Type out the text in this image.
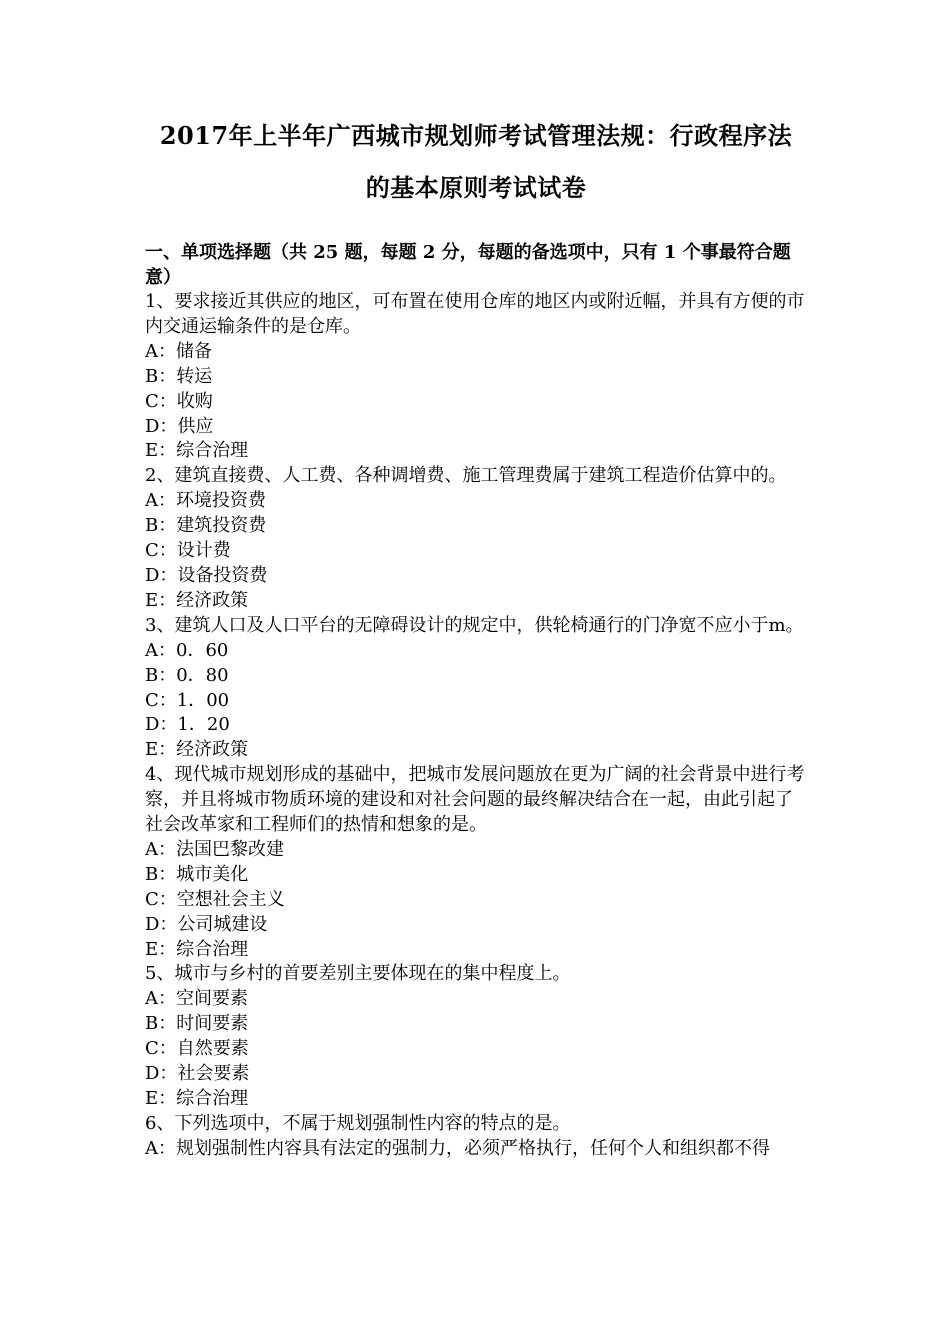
2017年上半年广西城市规划师考试管理法规：行政程序法
的基本原则考试试卷

一、单项选择题（共 25 题，每题 2 分，每题的备选项中，只有 1 个事最符合题意）

1、要求接近其供应的地区，可布置在使用仓库的地区内或附近幅，并具有方便的市内交通运输条件的是仓库。

A：储备

B：转运

C：收购

D：供应

E：综合治理

2、建筑直接费、人工费、各种调增费、施工管理费属于建筑工程造价估算中的。

A：环境投资费

B：建筑投资费

C：设计费

D：设备投资费

E：经济政策

3、建筑人口及人口平台的无障碍设计的规定中，供轮椅通行的门净宽不应小于m。

A：0．60

B：0．80

C：1．00

D：1．20

E：经济政策

4、现代城市规划形成的基础中，把城市发展问题放在更为广阔的社会背景中进行考察，并且将城市物质环境的建设和对社会问题的最终解决结合在一起，由此引起了社会改革家和工程师们的热情和想象的是。

A：法国巴黎改建

B：城市美化

C：空想社会主义

D：公司城建设

E：综合治理

5、城市与乡村的首要差别主要体现在的集中程度上。

A：空间要素

B：时间要素

C：自然要素

D：社会要素

E：综合治理

6、下列选项中，不属于规划强制性内容的特点的是。

A：规划强制性内容具有法定的强制力，必须严格执行，任何个人和组织都不得
